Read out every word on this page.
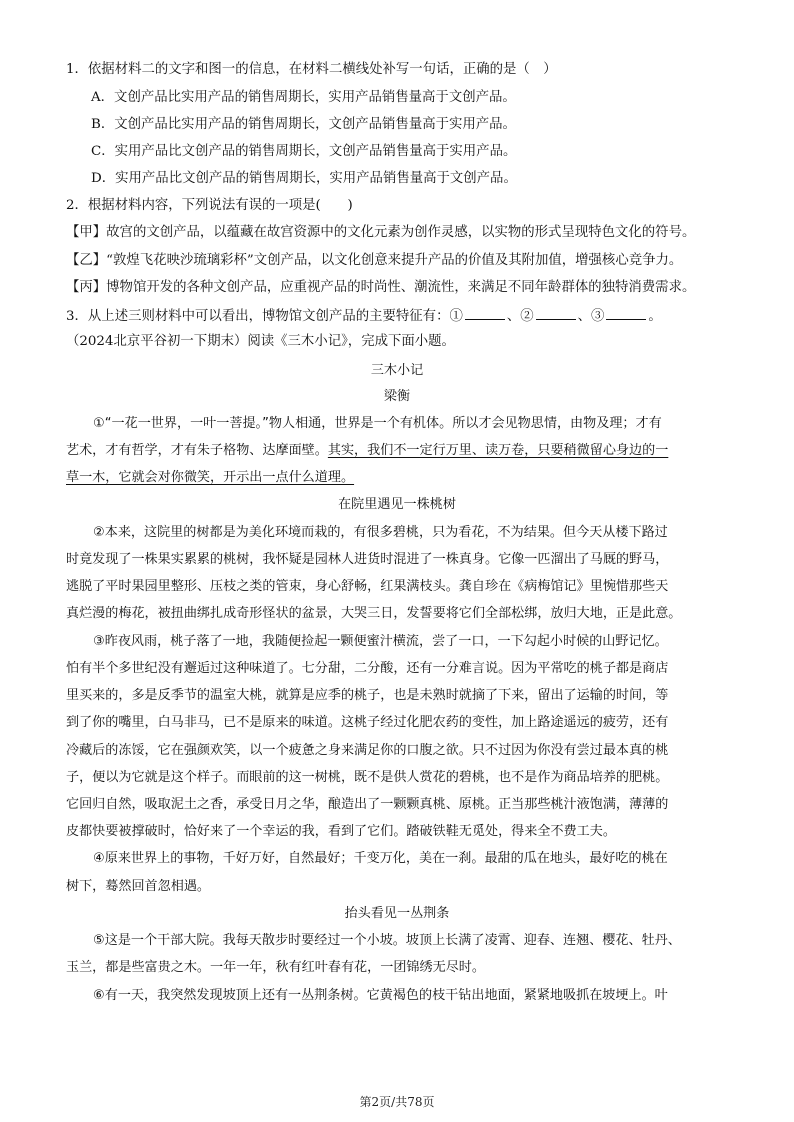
1．依据材料二的文字和图一的信息，在材料二横线处补写一句话，正确的是（　）
A．文创产品比实用产品的销售周期长，实用产品销售量高于文创产品。
B．文创产品比实用产品的销售周期长，文创产品销售量高于实用产品。
C．实用产品比文创产品的销售周期长，文创产品销售量高于实用产品。
D．实用产品比文创产品的销售周期长，实用产品销售量高于文创产品。
2．根据材料内容，下列说法有误的一项是(　　)
【甲】故宫的文创产品，以蕴藏在故宫资源中的文化元素为创作灵感，以实物的形式呈现特色文化的符号。
【乙】“敦煌飞花映沙琉璃彩杯”文创产品，以文化创意来提升产品的价值及其附加值，增强核心竞争力。
【丙】博物馆开发的各种文创产品，应重视产品的时尚性、潮流性，来满足不同年龄群体的独特消费需求。
3．从上述三则材料中可以看出，博物馆文创产品的主要特征有：①	、②	、③	。
（2024北京平谷初一下期末）阅读《三木小记》，完成下面小题。
三木小记
梁衡
①“一花一世界，一叶一菩提。”物人相通，世界是一个有机体。所以才会见物思情，由物及理；才有
艺术，才有哲学，才有朱子格物、达摩面壁。其实，我们不一定行万里、读万卷，只要稍微留心身边的一
草一木，它就会对你微笑，开示出一点什么道理。
在院里遇见一株桃树
②本来，这院里的树都是为美化环境而栽的，有很多碧桃，只为看花，不为结果。但今天从楼下路过
时竟发现了一株果实累累的桃树，我怀疑是园林人进货时混进了一株真身。它像一匹溜出了马厩的野马，
逃脱了平时果园里整形、压枝之类的管束，身心舒畅，红果满枝头。龚自珍在《病梅馆记》里惋惜那些天
真烂漫的梅花，被扭曲绑扎成奇形怪状的盆景，大哭三日，发誓要将它们全部松绑，放归大地，正是此意。
③昨夜风雨，桃子落了一地，我随便捡起一颗便蜜汁横流，尝了一口，一下勾起小时候的山野记忆。
怕有半个多世纪没有邂逅过这种味道了。七分甜，二分酸，还有一分难言说。因为平常吃的桃子都是商店
里买来的，多是反季节的温室大桃，就算是应季的桃子，也是未熟时就摘了下来，留出了运输的时间，等
到了你的嘴里，白马非马，已不是原来的味道。这桃子经过化肥农药的变性，加上路途遥远的疲劳，还有
冷藏后的冻馁，它在强颜欢笑，以一个疲惫之身来满足你的口腹之欲。只不过因为你没有尝过最本真的桃
子，便以为它就是这个样子。而眼前的这一树桃，既不是供人赏花的碧桃，也不是作为商品培养的肥桃。
它回归自然，吸取泥土之香，承受日月之华，酿造出了一颗颗真桃、原桃。正当那些桃汁液饱满，薄薄的
皮都快要被撑破时，恰好来了一个幸运的我，看到了它们。踏破铁鞋无觅处，得来全不费工夫。
④原来世界上的事物，千好万好，自然最好；千变万化，美在一刹。最甜的瓜在地头，最好吃的桃在
树下，蓦然回首忽相遇。
抬头看见一丛荆条
⑤这是一个干部大院。我每天散步时要经过一个小坡。坡顶上长满了凌霄、迎春、连翘、樱花、牡丹、
玉兰，都是些富贵之木。一年一年，秋有红叶春有花，一团锦绣无尽时。
⑥有一天，我突然发现坡顶上还有一丛荆条树。它黄褐色的枝干钻出地面，紧紧地吸抓在坡埂上。叶
第2页/共78页
